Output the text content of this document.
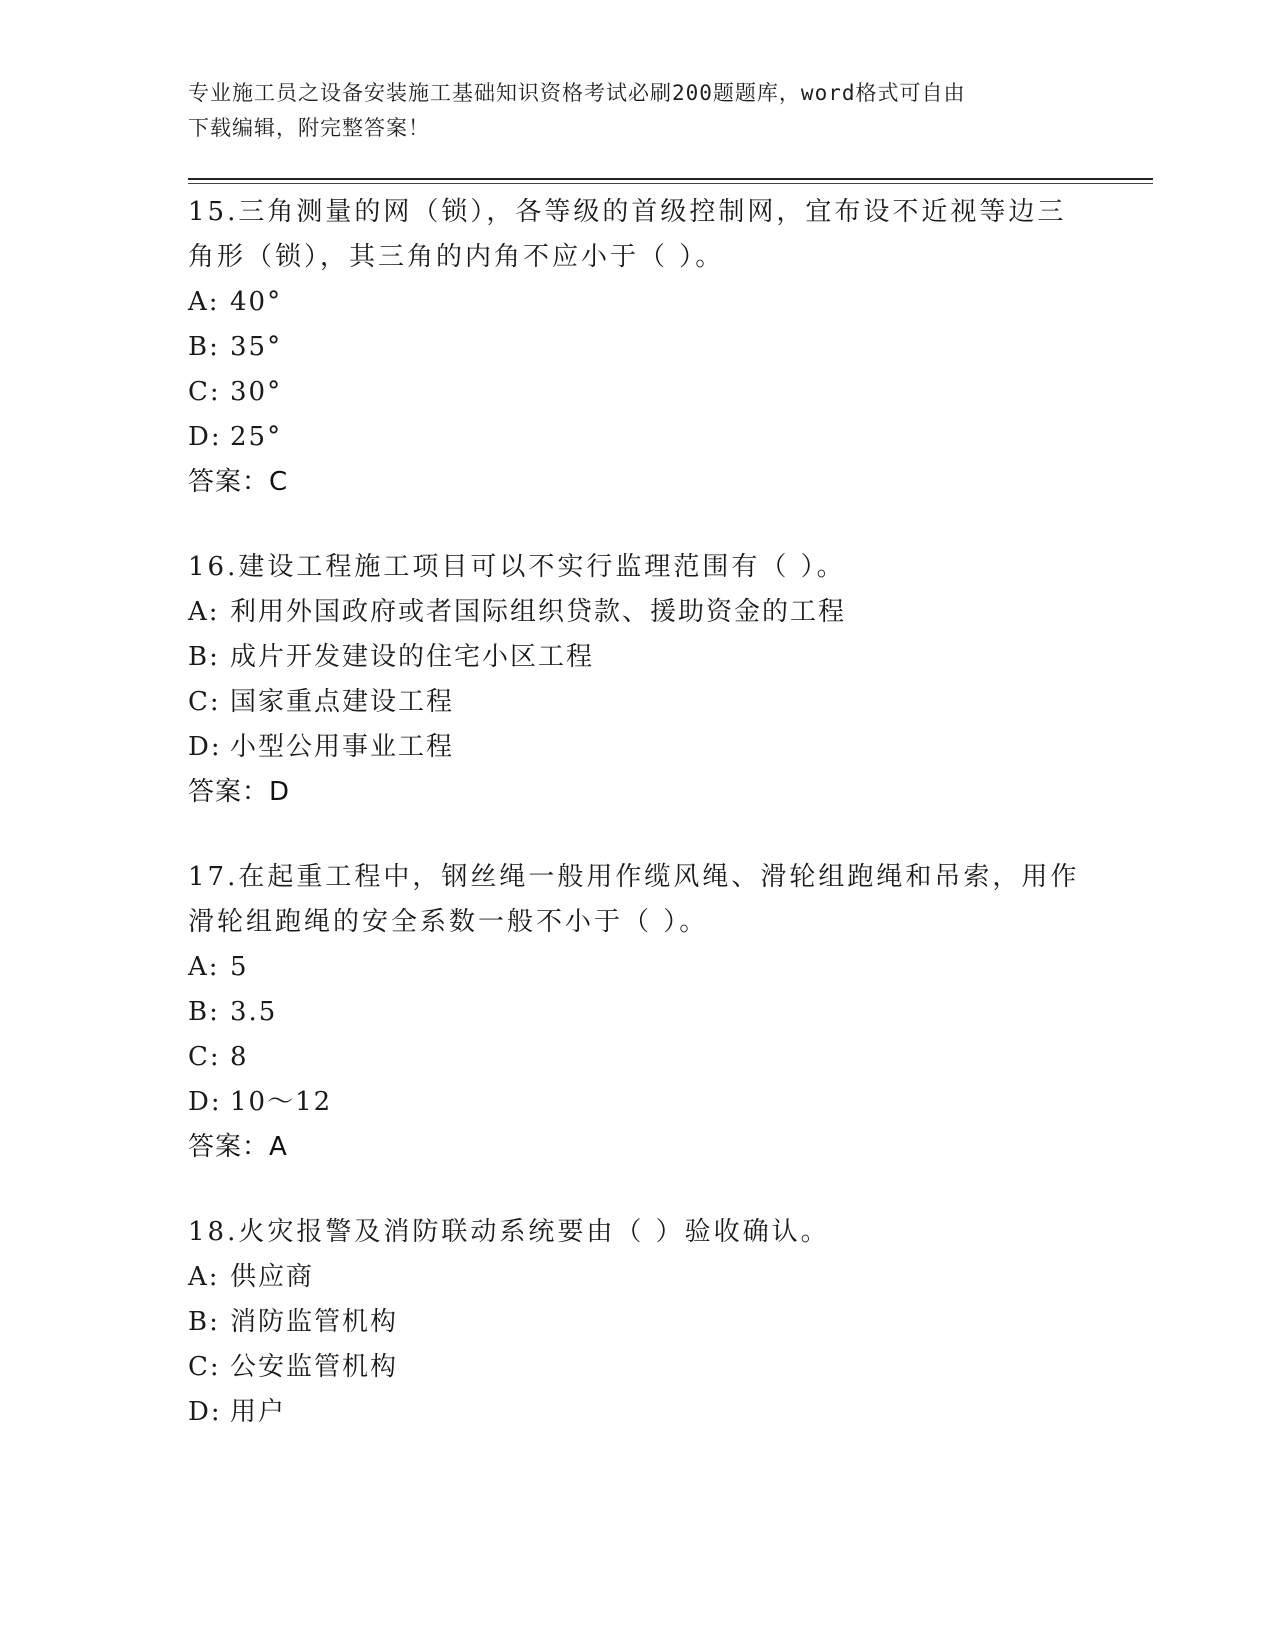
专业施工员之设备安装施工基础知识资格考试必刷200题题库，word格式可自由
下载编辑，附完整答案！

15.三角测量的网（锁），各等级的首级控制网，宜布设不近视等边三

角形（锁），其三角的内角不应小于（ ）。

A: 40°

B: 35°

C: 30°

D: 25°

答案：C

16.建设工程施工项目可以不实行监理范围有（ ）。

A: 利用外国政府或者国际组织贷款、援助资金的工程

B: 成片开发建设的住宅小区工程

C: 国家重点建设工程

D: 小型公用事业工程

答案：D

17.在起重工程中，钢丝绳一般用作缆风绳、滑轮组跑绳和吊索，用作

滑轮组跑绳的安全系数一般不小于（ ）。

A: 5

B: 3.5

C: 8

D: 10～12

答案：A

18.火灾报警及消防联动系统要由（ ）验收确认。

A: 供应商

B: 消防监管机构

C: 公安监管机构

D: 用户
